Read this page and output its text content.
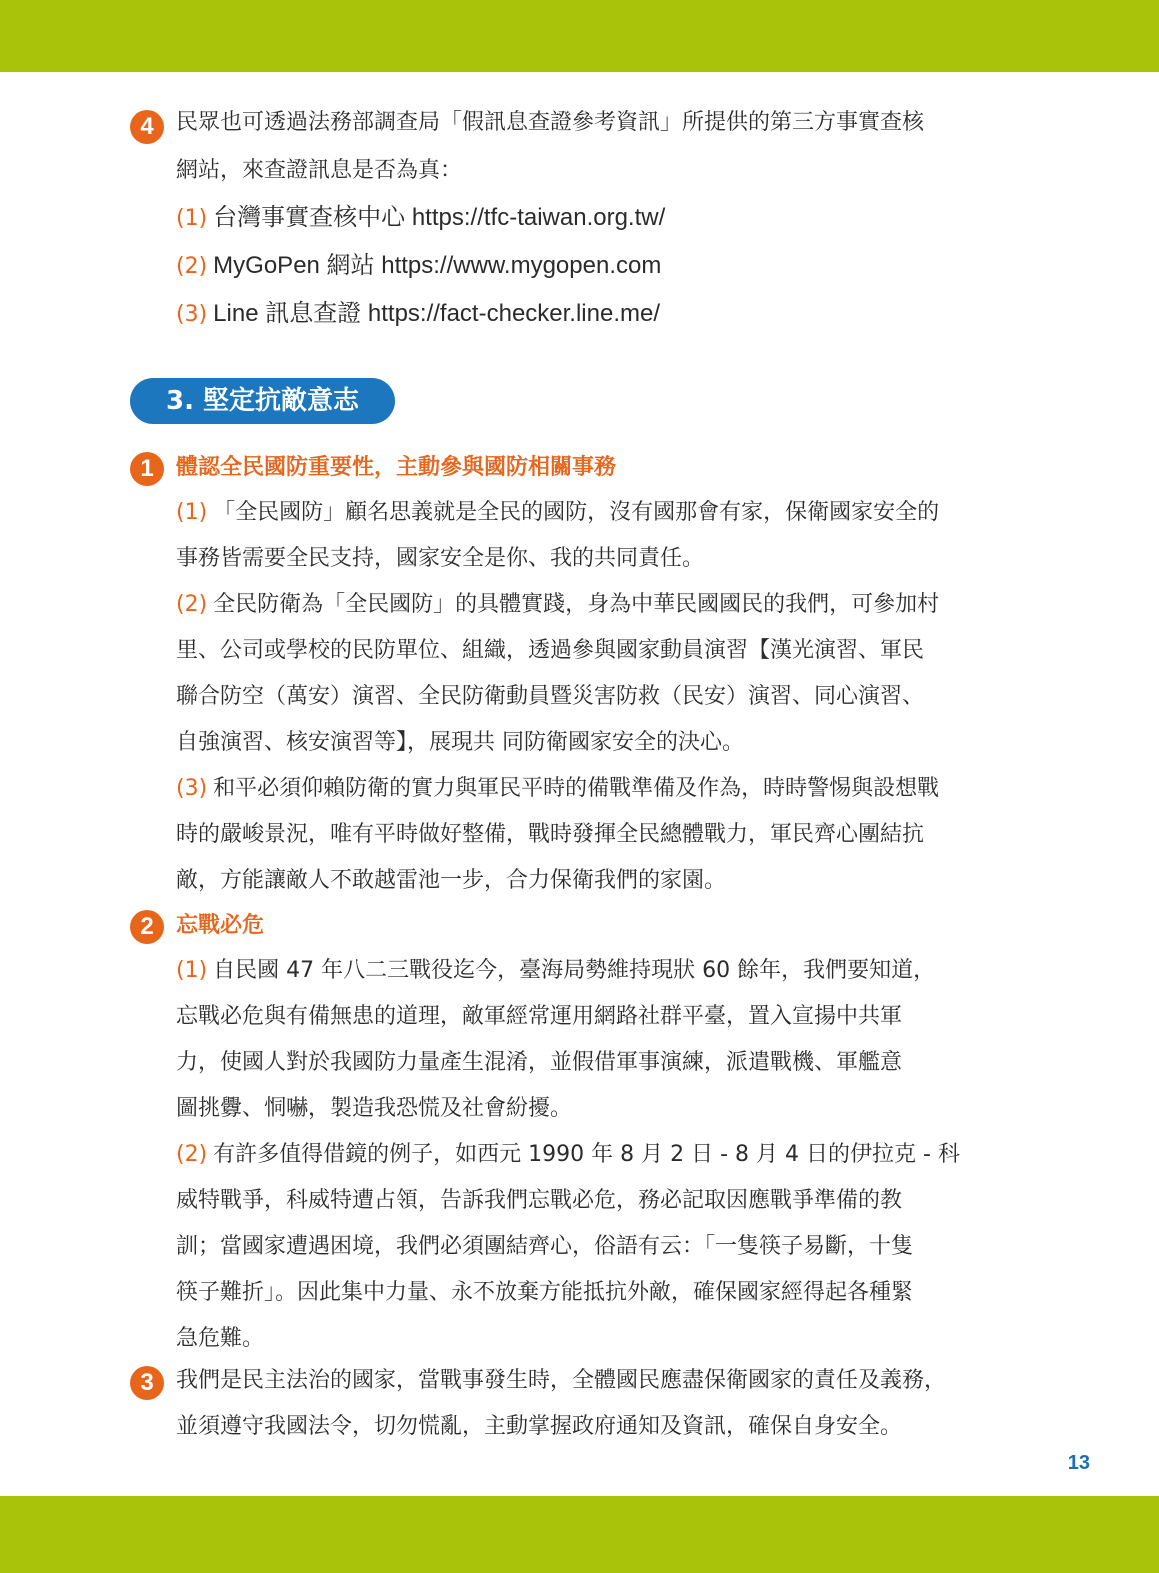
4	民眾也可透過法務部調查局「假訊息查證參考資訊」所提供的第三方事實查核
網站，來查證訊息是否為真：
(1) 台灣事實查核中心 https://tfc-taiwan.org.tw/
(2) MyGoPen 網站 https://www.mygopen.com
(3) Line 訊息查證 https://fact-checker.line.me/
3. 堅定抗敵意志
1	體認全民國防重要性，主動參與國防相關事務
(1) 「全民國防」顧名思義就是全民的國防，沒有國那會有家，保衛國家安全的
事務皆需要全民支持，國家安全是你、我的共同責任。
(2) 全民防衛為「全民國防」的具體實踐，身為中華民國國民的我們，可參加村
里、公司或學校的民防單位、組織，透過參與國家動員演習【漢光演習、軍民
聯合防空（萬安）演習、全民防衛動員暨災害防救（民安）演習、同心演習、
自強演習、核安演習等】，展現共 同防衛國家安全的決心。
(3) 和平必須仰賴防衛的實力與軍民平時的備戰準備及作為，時時警惕與設想戰
時的嚴峻景況，唯有平時做好整備，戰時發揮全民總體戰力，軍民齊心團結抗
敵，方能讓敵人不敢越雷池一步，合力保衛我們的家園。
2	忘戰必危
(1) 自民國 47 年八二三戰役迄今，臺海局勢維持現狀 60 餘年，我們要知道，
忘戰必危與有備無患的道理，敵軍經常運用網路社群平臺，置入宣揚中共軍
力，使國人對於我國防力量產生混淆，並假借軍事演練，派遣戰機、軍艦意
圖挑釁、恫嚇，製造我恐慌及社會紛擾。
(2) 有許多值得借鏡的例子，如西元 1990 年 8 月 2 日 - 8 月 4 日的伊拉克 - 科
威特戰爭，科威特遭占領，告訴我們忘戰必危，務必記取因應戰爭準備的教
訓；當國家遭遇困境，我們必須團結齊心，俗語有云：「一隻筷子易斷，十隻
筷子難折」。因此集中力量、永不放棄方能抵抗外敵，確保國家經得起各種緊
急危難。
3	我們是民主法治的國家，當戰事發生時，全體國民應盡保衛國家的責任及義務，
並須遵守我國法令，切勿慌亂，主動掌握政府通知及資訊，確保自身安全。
13
